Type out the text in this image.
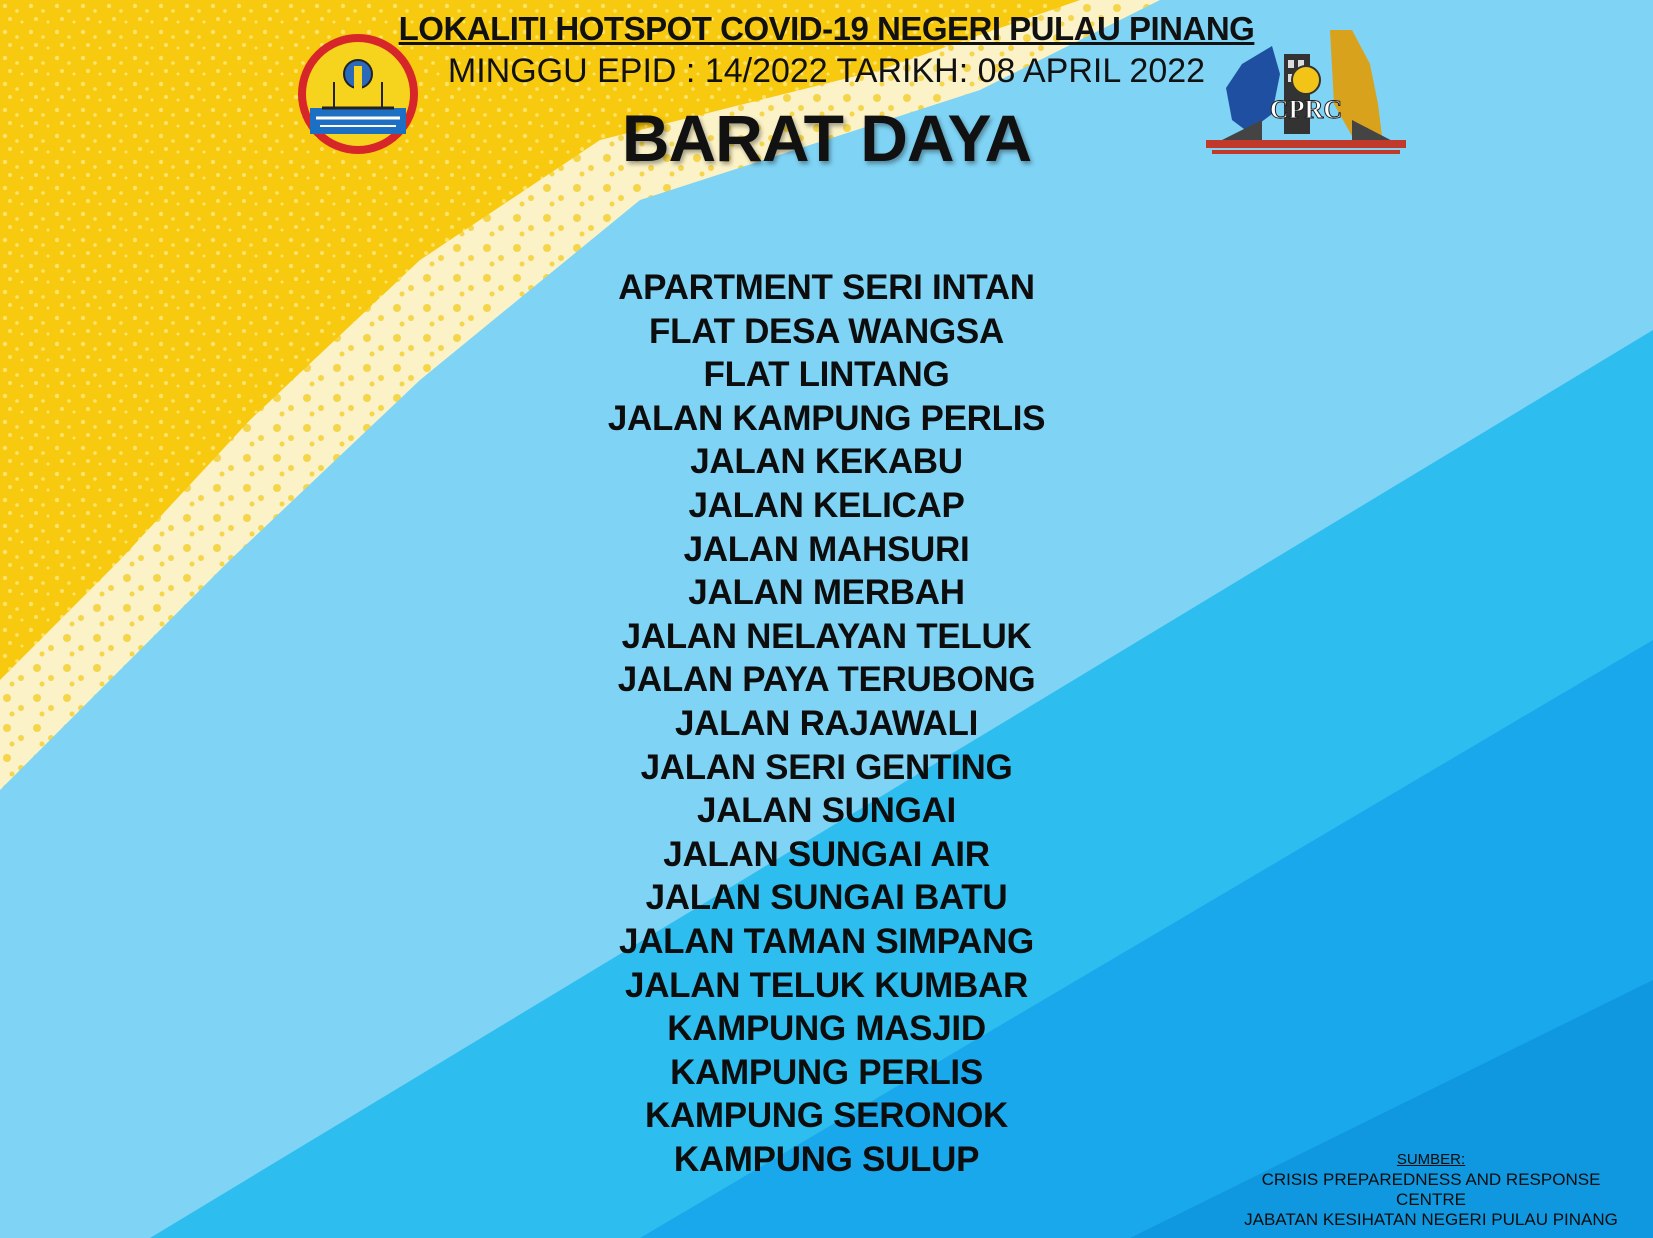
CPRC
LOKALITI HOTSPOT COVID-19 NEGERI PULAU PINANG
MINGGU EPID : 14/2022 TARIKH: 08 APRIL 2022
BARAT DAYA
APARTMENT SERI INTAN
FLAT DESA WANGSA
FLAT LINTANG
JALAN KAMPUNG PERLIS
JALAN KEKABU
JALAN KELICAP
JALAN MAHSURI
JALAN MERBAH
JALAN NELAYAN TELUK
JALAN PAYA TERUBONG
JALAN RAJAWALI
JALAN SERI GENTING
JALAN SUNGAI
JALAN SUNGAI AIR
JALAN SUNGAI BATU
JALAN TAMAN SIMPANG
JALAN TELUK KUMBAR
KAMPUNG MASJID
KAMPUNG PERLIS
KAMPUNG SERONOK
KAMPUNG SULUP	SUMBER:
CRISIS PREPAREDNESS AND RESPONSE
CENTRE
JABATAN KESIHATAN NEGERI PULAU PINANG
